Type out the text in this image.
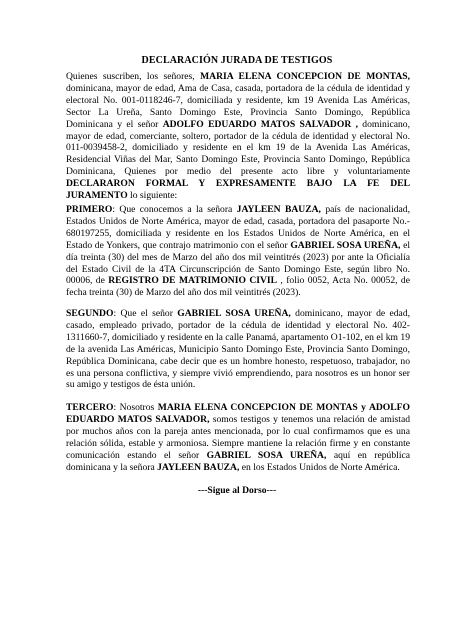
DECLARACIÓN JURADA DE TESTIGOS

Quienes suscriben, los señores, MARIA ELENA CONCEPCION DE MONTAS, dominicana, mayor de edad, Ama de Casa, casada, portadora de la cédula de identidad y electoral No. 001-0118246-7, domiciliada y residente, km 19 Avenida Las Américas, Sector La Ureña, Santo Domingo Este, Provincia Santo Domingo, República Dominicana y el señor ADOLFO EDUARDO MATOS SALVADOR , dominicano, mayor de edad, comerciante, soltero, portador de la cédula de identidad y electoral No. 011-0039458-2, domiciliado y residente en el km 19 de la Avenida Las Américas, Residencial Viñas del Mar, Santo Domingo Este, Provincia Santo Domingo, República Dominicana, Quienes por medio del presente acto libre y voluntariamente DECLARARON FORMAL Y EXPRESAMENTE BAJO LA FE DEL JURAMENTO lo siguiente:

PRIMERO: Que conocemos a la señora JAYLEEN BAUZA, país de nacionalidad, Estados Unidos de Norte América, mayor de edad, casada, portadora del pasaporte No.- 680197255, domiciliada y residente en los Estados Unidos de Norte América, en el Estado de Yonkers, que contrajo matrimonio con el señor GABRIEL SOSA UREÑA, el día treinta (30) del mes de Marzo del año dos mil veintitrés (2023) por ante la Oficialía del Estado Civil de la 4TA Circunscripción de Santo Domingo Este, según libro No. 00006, de REGISTRO DE MATRIMONIO CIVIL , folio 0052, Acta No. 00052, de fecha treinta (30) de Marzo del año dos mil veintitrés (2023).

SEGUNDO: Que el señor GABRIEL SOSA UREÑA, dominicano, mayor de edad, casado, empleado privado, portador de la cédula de identidad y electoral No. 402-1311660-7, domiciliado y residente en la calle Panamá, apartamento O1-102, en el km 19 de la avenida Las Américas, Municipio Santo Domingo Este, Provincia Santo Domingo, República Dominicana, cabe decir que es un hombre honesto, respetuoso, trabajador, no es una persona conflictiva, y siempre vivió emprendiendo, para nosotros es un honor ser su amigo y testigos de ésta unión.

TERCERO: Nosotros MARIA ELENA CONCEPCION DE MONTAS y ADOLFO EDUARDO MATOS SALVADOR, somos testigos y tenemos una relación de amistad por muchos años con la pareja antes mencionada, por lo cual confirmamos que es una relación sólida, estable y armoniosa. Siempre mantiene la relación firme y en constante comunicación estando el señor GABRIEL SOSA UREÑA, aquí en república dominicana y la señora JAYLEEN BAUZA, en los Estados Unidos de Norte América.

---Sigue al Dorso---
